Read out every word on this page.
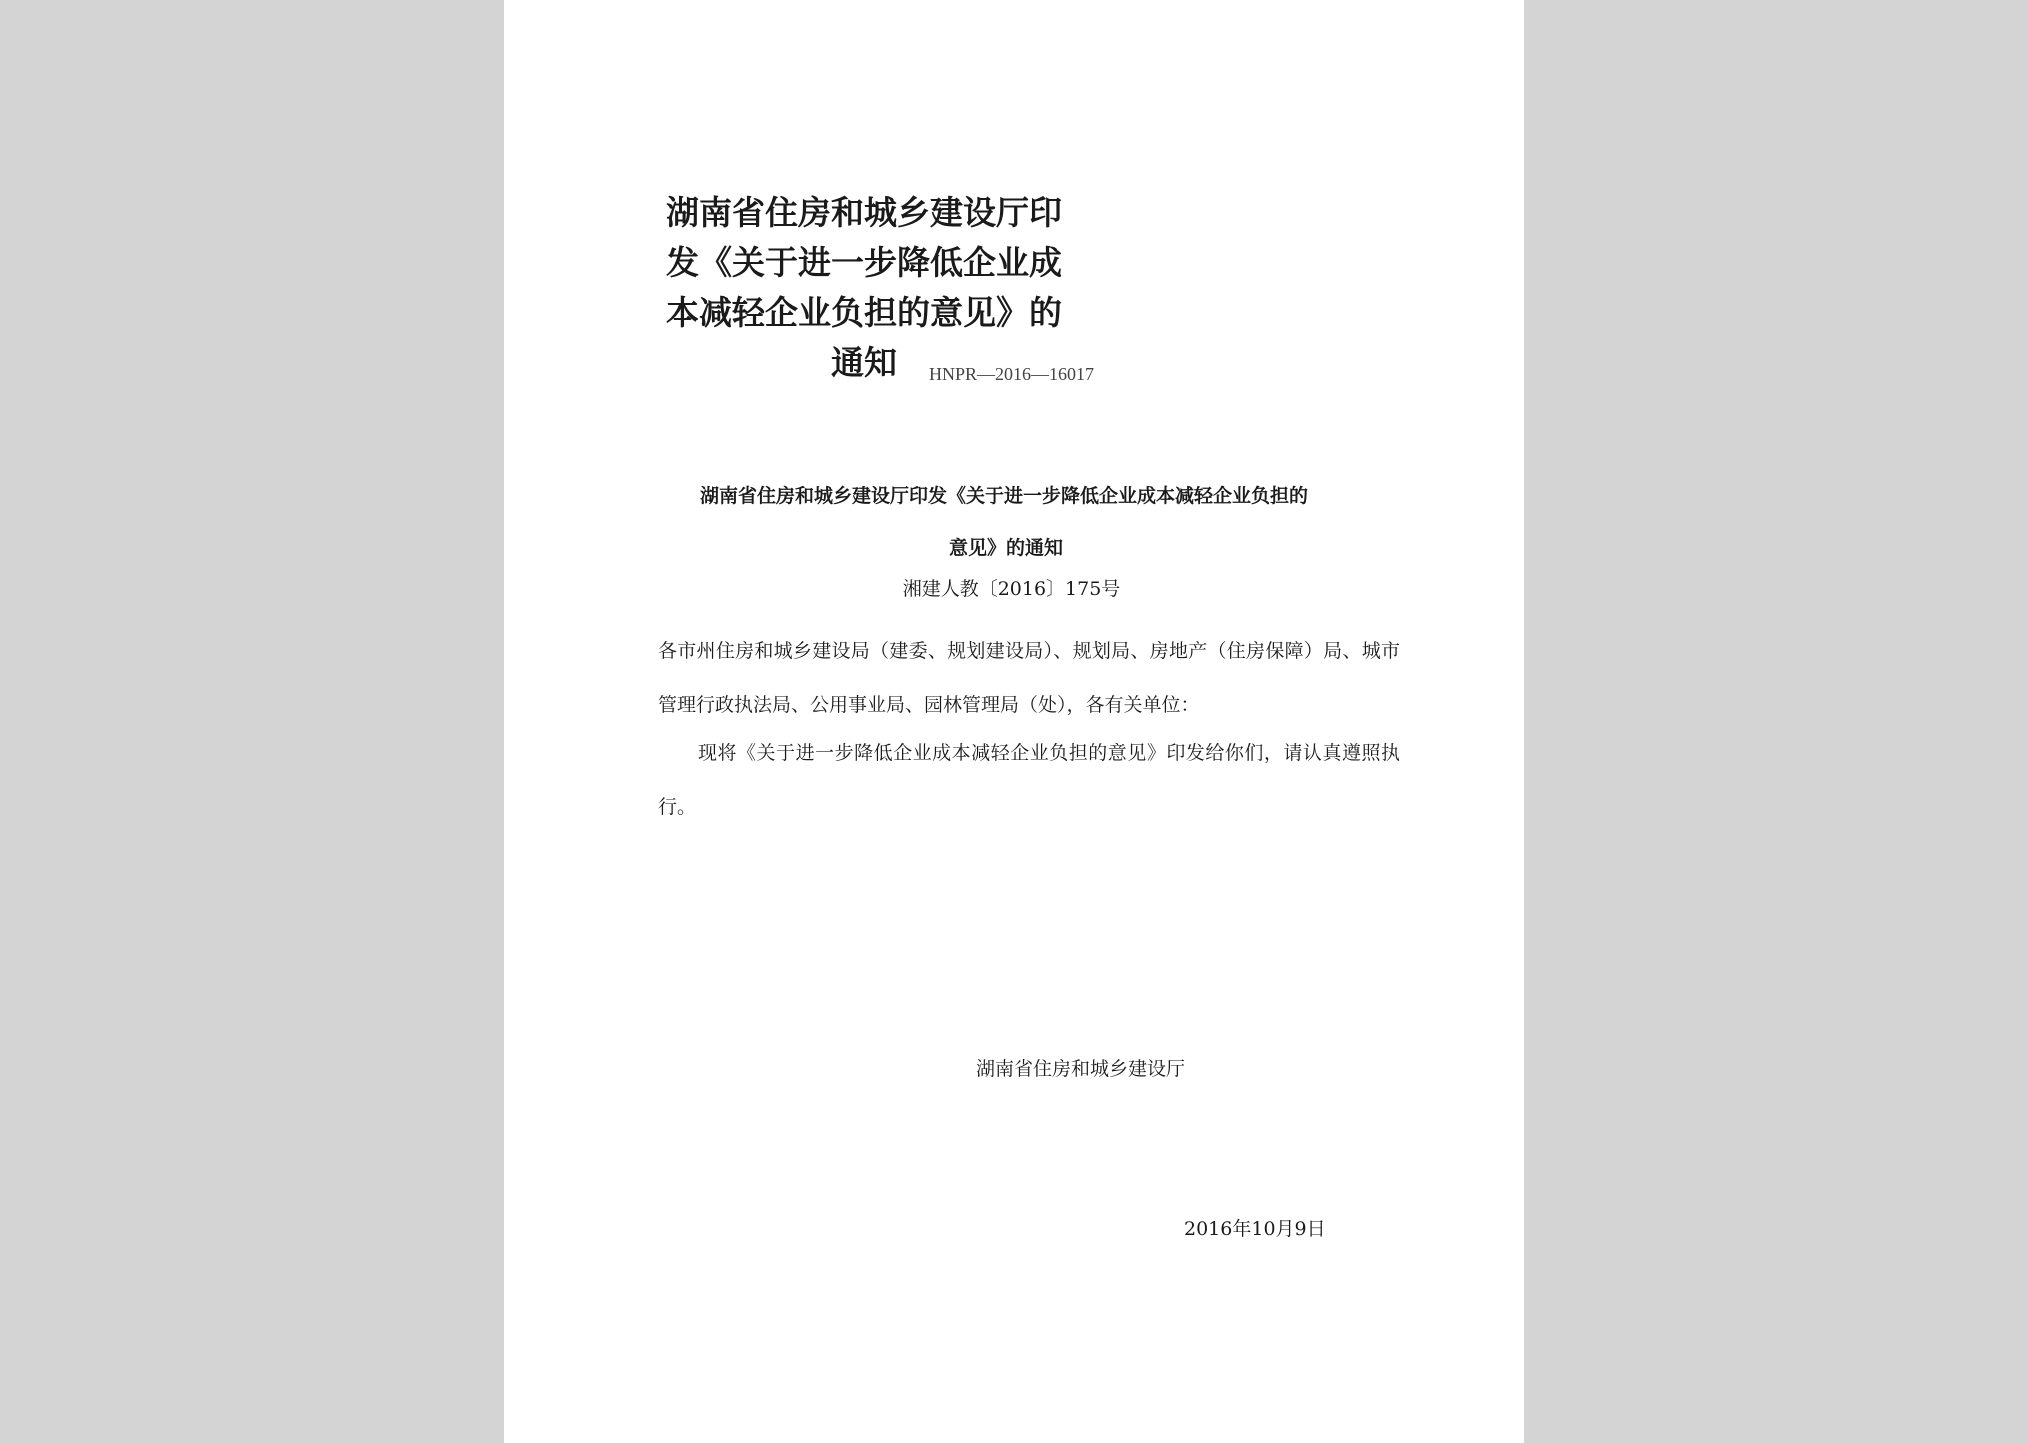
湖南省住房和城乡建设厅印发《关于进一步降低企业成本减轻企业负担的意见》的通知	HNPR—2016—16017
湖南省住房和城乡建设厅印发《关于进一步降低企业成本减轻企业负担的
意见》的通知
湘建人教〔2016〕175号

各市州住房和城乡建设局（建委、规划建设局）、规划局、房地产（住房保障）局、城市管理行政执法局、公用事业局、园林管理局（处），各有关单位：

现将《关于进一步降低企业成本减轻企业负担的意见》印发给你们，请认真遵照执行。

湖南省住房和城乡建设厅
2016年10月9日
